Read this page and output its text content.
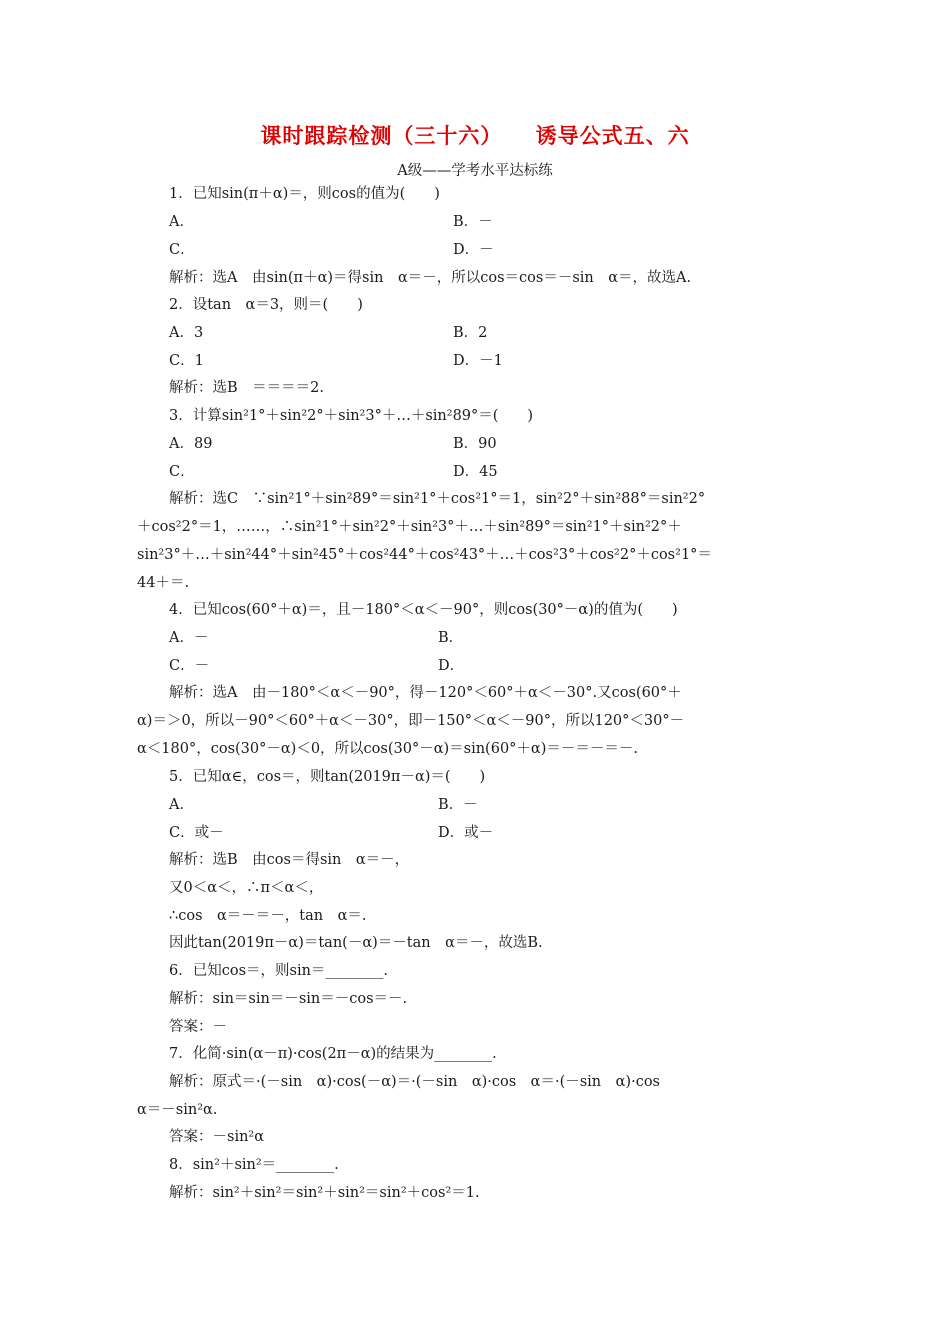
课时跟踪检测（三十六）    诱导公式五、六
A级——学考水平达标练
1．已知sin(π＋α)＝，则cos的值为(　　)
A．	B．－
C．	D．－
解析：选A　由sin(π＋α)＝得sin　α＝－，所以cos＝cos＝－sin　α＝，故选A.
2．设tan　α＝3，则＝(　　)
A．3	B．2
C．1	D．－1
解析：选B　＝＝＝＝2.
3．计算sin²1°＋sin²2°＋sin²3°＋…＋sin²89°＝(　　)
A．89	B．90
C．	D．45
解析：选C　∵sin²1°＋sin²89°＝sin²1°＋cos²1°＝1，sin²2°＋sin²88°＝sin²2°
＋cos²2°＝1，……，∴sin²1°＋sin²2°＋sin²3°＋…＋sin²89°＝sin²1°＋sin²2°＋
sin²3°＋…＋sin²44°＋sin²45°＋cos²44°＋cos²43°＋…＋cos²3°＋cos²2°＋cos²1°＝
44＋＝.
4．已知cos(60°＋α)＝，且－180°＜α＜－90°，则cos(30°－α)的值为(　　)
A．－	B．
C．－	D．
解析：选A　由－180°＜α＜－90°，得－120°＜60°＋α＜－30°.又cos(60°＋
α)＝＞0，所以－90°＜60°＋α＜－30°，即－150°＜α＜－90°，所以120°＜30°－
α＜180°，cos(30°－α)＜0，所以cos(30°－α)＝sin(60°＋α)＝－＝－＝－.
5．已知α∈，cos＝，则tan(2019π－α)＝(　　)
A．	B．－
C．或－	D．或－
解析：选B　由cos＝得sin　α＝－，
又0＜α＜，∴π＜α＜，
∴cos　α＝－＝－，tan　α＝.
因此tan(2019π－α)＝tan(－α)＝－tan　α＝－，故选B.
6．已知cos＝，则sin＝________.
解析：sin＝sin＝－sin＝－cos＝－.
答案：－
7．化简·sin(α－π)·cos(2π－α)的结果为________.
解析：原式＝·(－sin　α)·cos(－α)＝·(－sin　α)·cos　α＝·(－sin　α)·cos
α＝－sin²α.
答案：－sin²α
8．sin²＋sin²＝________.
解析：sin²＋sin²＝sin²＋sin²＝sin²＋cos²＝1.
